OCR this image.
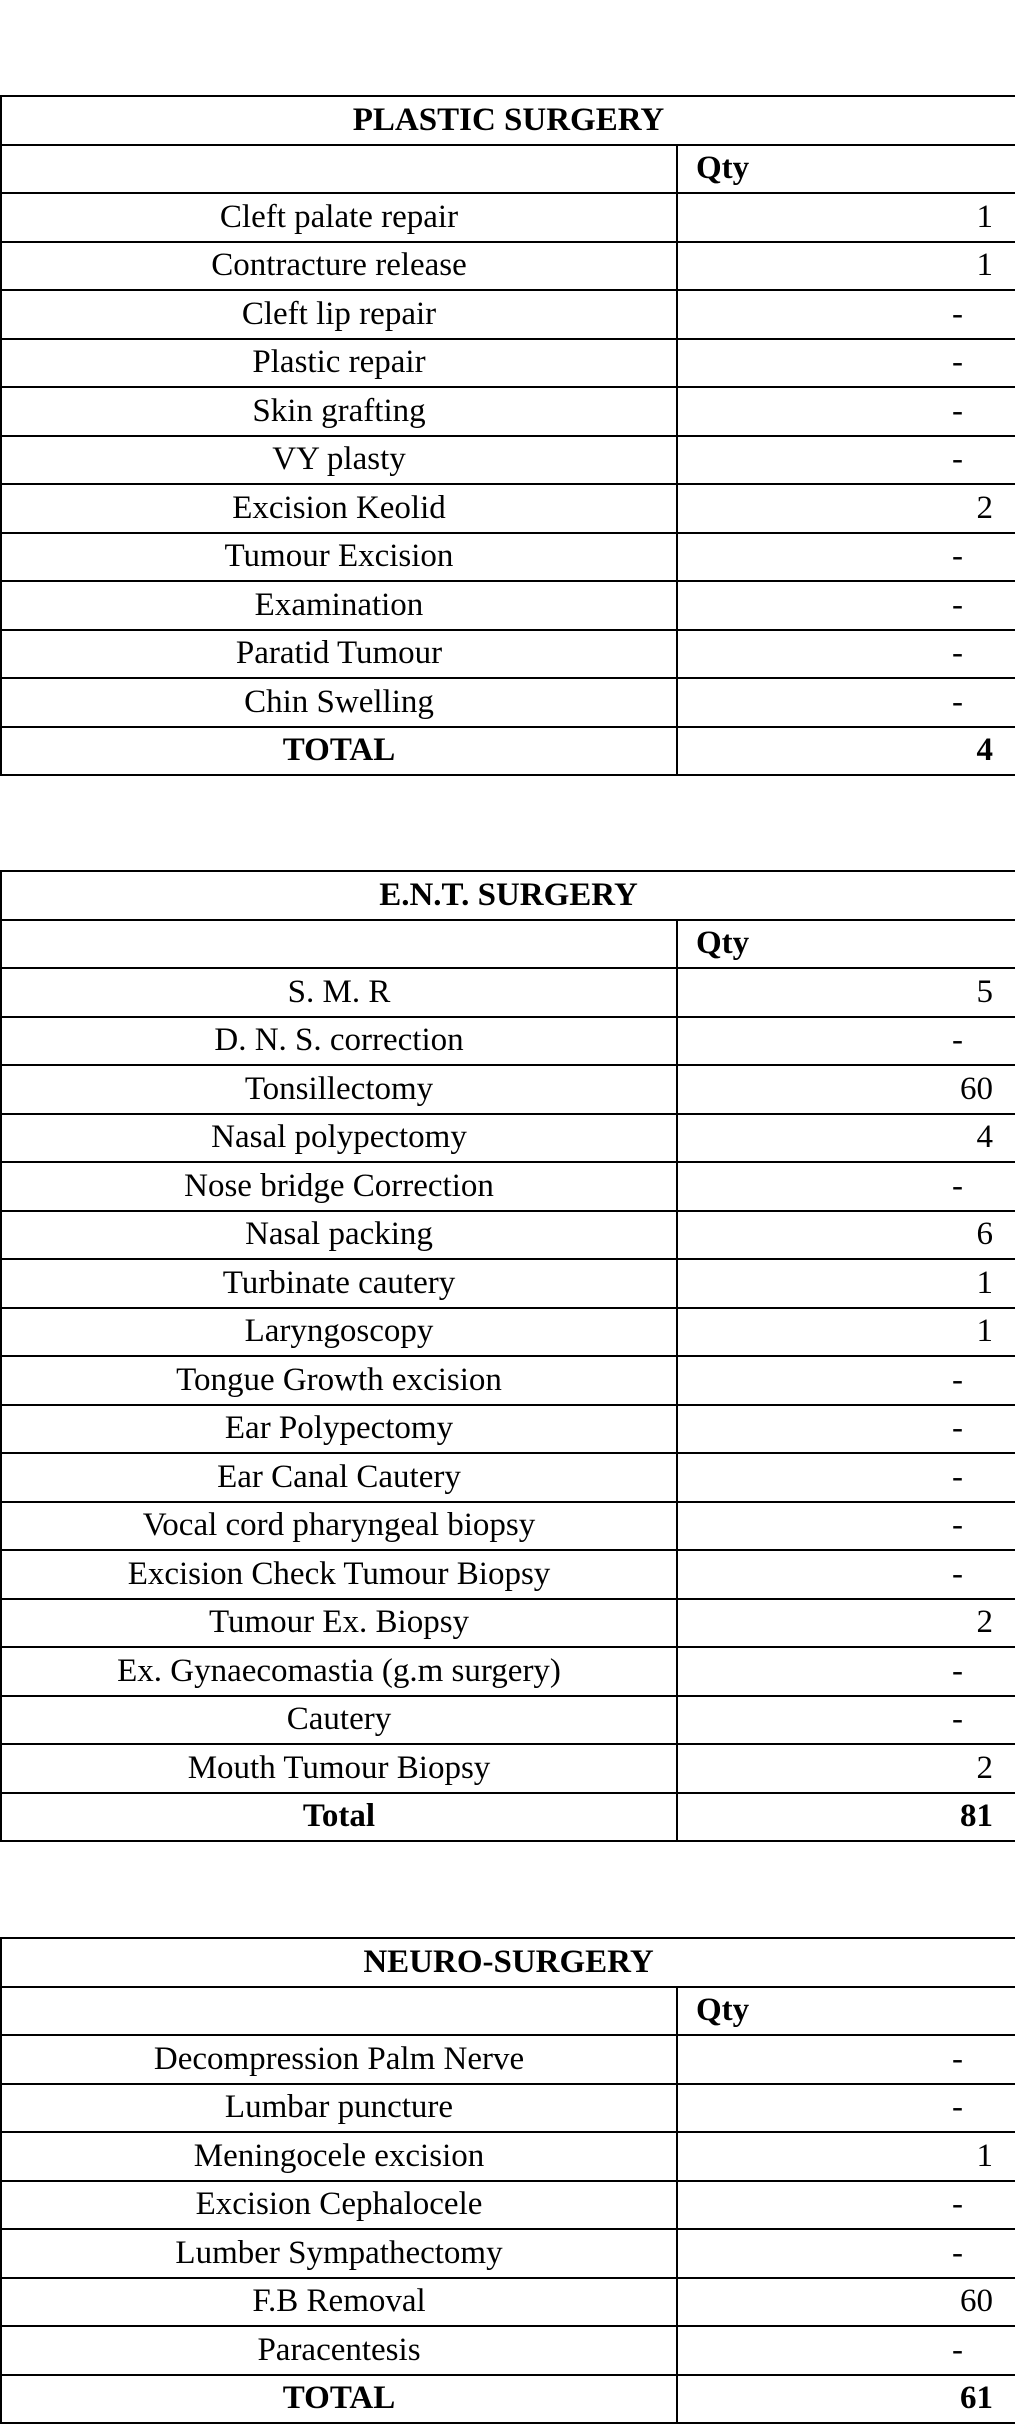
PLASTIC SURGERY	
	Qty
Cleft palate repair	1
Contracture release	1
Cleft lip repair	-
Plastic repair	-
Skin grafting	-
VY plasty	-
Excision Keolid	2
Tumour Excision	-
Examination	-
Paratid Tumour	-
Chin Swelling	-
TOTAL	4
E.N.T. SURGERY	
	Qty
S. M. R	5
D. N. S. correction	-
Tonsillectomy	60
Nasal polypectomy	4
Nose bridge Correction	-
Nasal packing	6
Turbinate cautery	1
Laryngoscopy	1
Tongue Growth excision	-
Ear Polypectomy	-
Ear Canal Cautery	-
Vocal cord pharyngeal biopsy	-
Excision Check Tumour Biopsy	-
Tumour Ex. Biopsy	2
Ex. Gynaecomastia (g.m surgery)	-
Cautery	-
Mouth Tumour Biopsy	2
Total	81
NEURO-SURGERY	
	Qty
Decompression Palm Nerve	-
Lumbar puncture	-
Meningocele excision	1
Excision Cephalocele	-
Lumber Sympathectomy	-
F.B Removal	60
Paracentesis	-
TOTAL	61
